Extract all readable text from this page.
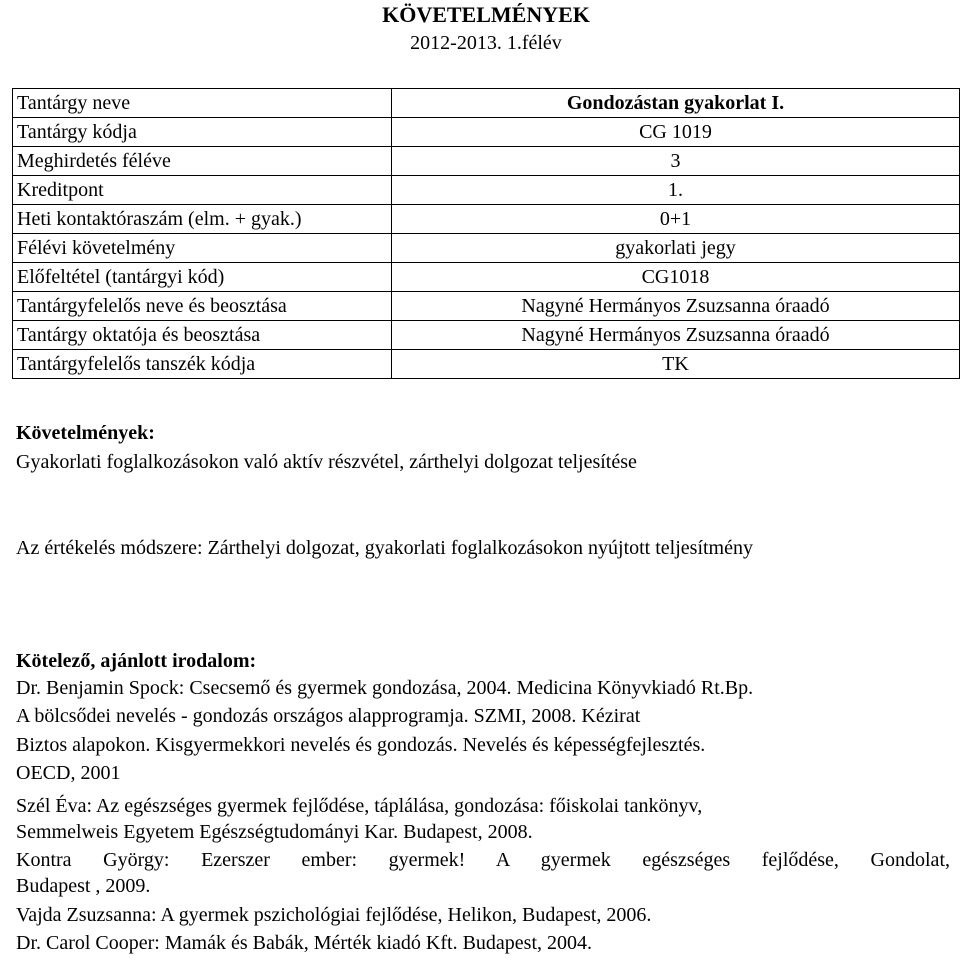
KÖVETELMÉNYEK
2012-2013. 1.félév
Tantárgy neve	Gondozástan gyakorlat I.
Tantárgy kódja	CG 1019
Meghirdetés féléve	3
Kreditpont	1.
Heti kontaktóraszám (elm. + gyak.)	0+1
Félévi követelmény	gyakorlati jegy
Előfeltétel (tantárgyi kód)	CG1018
Tantárgyfelelős neve és beosztása	Nagyné Hermányos Zsuzsanna óraadó
Tantárgy oktatója és beosztása	Nagyné Hermányos Zsuzsanna óraadó
Tantárgyfelelős tanszék kódja	TK
Követelmények:
Gyakorlati foglalkozásokon való aktív részvétel, zárthelyi dolgozat teljesítése
Az értékelés módszere: Zárthelyi dolgozat, gyakorlati foglalkozásokon nyújtott teljesítmény
Kötelező, ajánlott irodalom:
Dr. Benjamin Spock: Csecsemő és gyermek gondozása, 2004. Medicina Könyvkiadó Rt.Bp.
A bölcsődei nevelés - gondozás országos alapprogramja. SZMI, 2008. Kézirat
Biztos alapokon. Kisgyermekkori nevelés és gondozás. Nevelés és képességfejlesztés.
OECD, 2001
Szél Éva: Az egészséges gyermek fejlődése, táplálása, gondozása: főiskolai tankönyv,
Semmelweis Egyetem Egészségtudományi Kar. Budapest, 2008.
Kontra György: Ezerszer ember: gyermek! A gyermek egészséges fejlődése, Gondolat,
Budapest , 2009.
Vajda Zsuzsanna: A gyermek pszichológiai fejlődése, Helikon, Budapest, 2006.
Dr. Carol Cooper: Mamák és Babák, Mérték kiadó Kft. Budapest, 2004.
